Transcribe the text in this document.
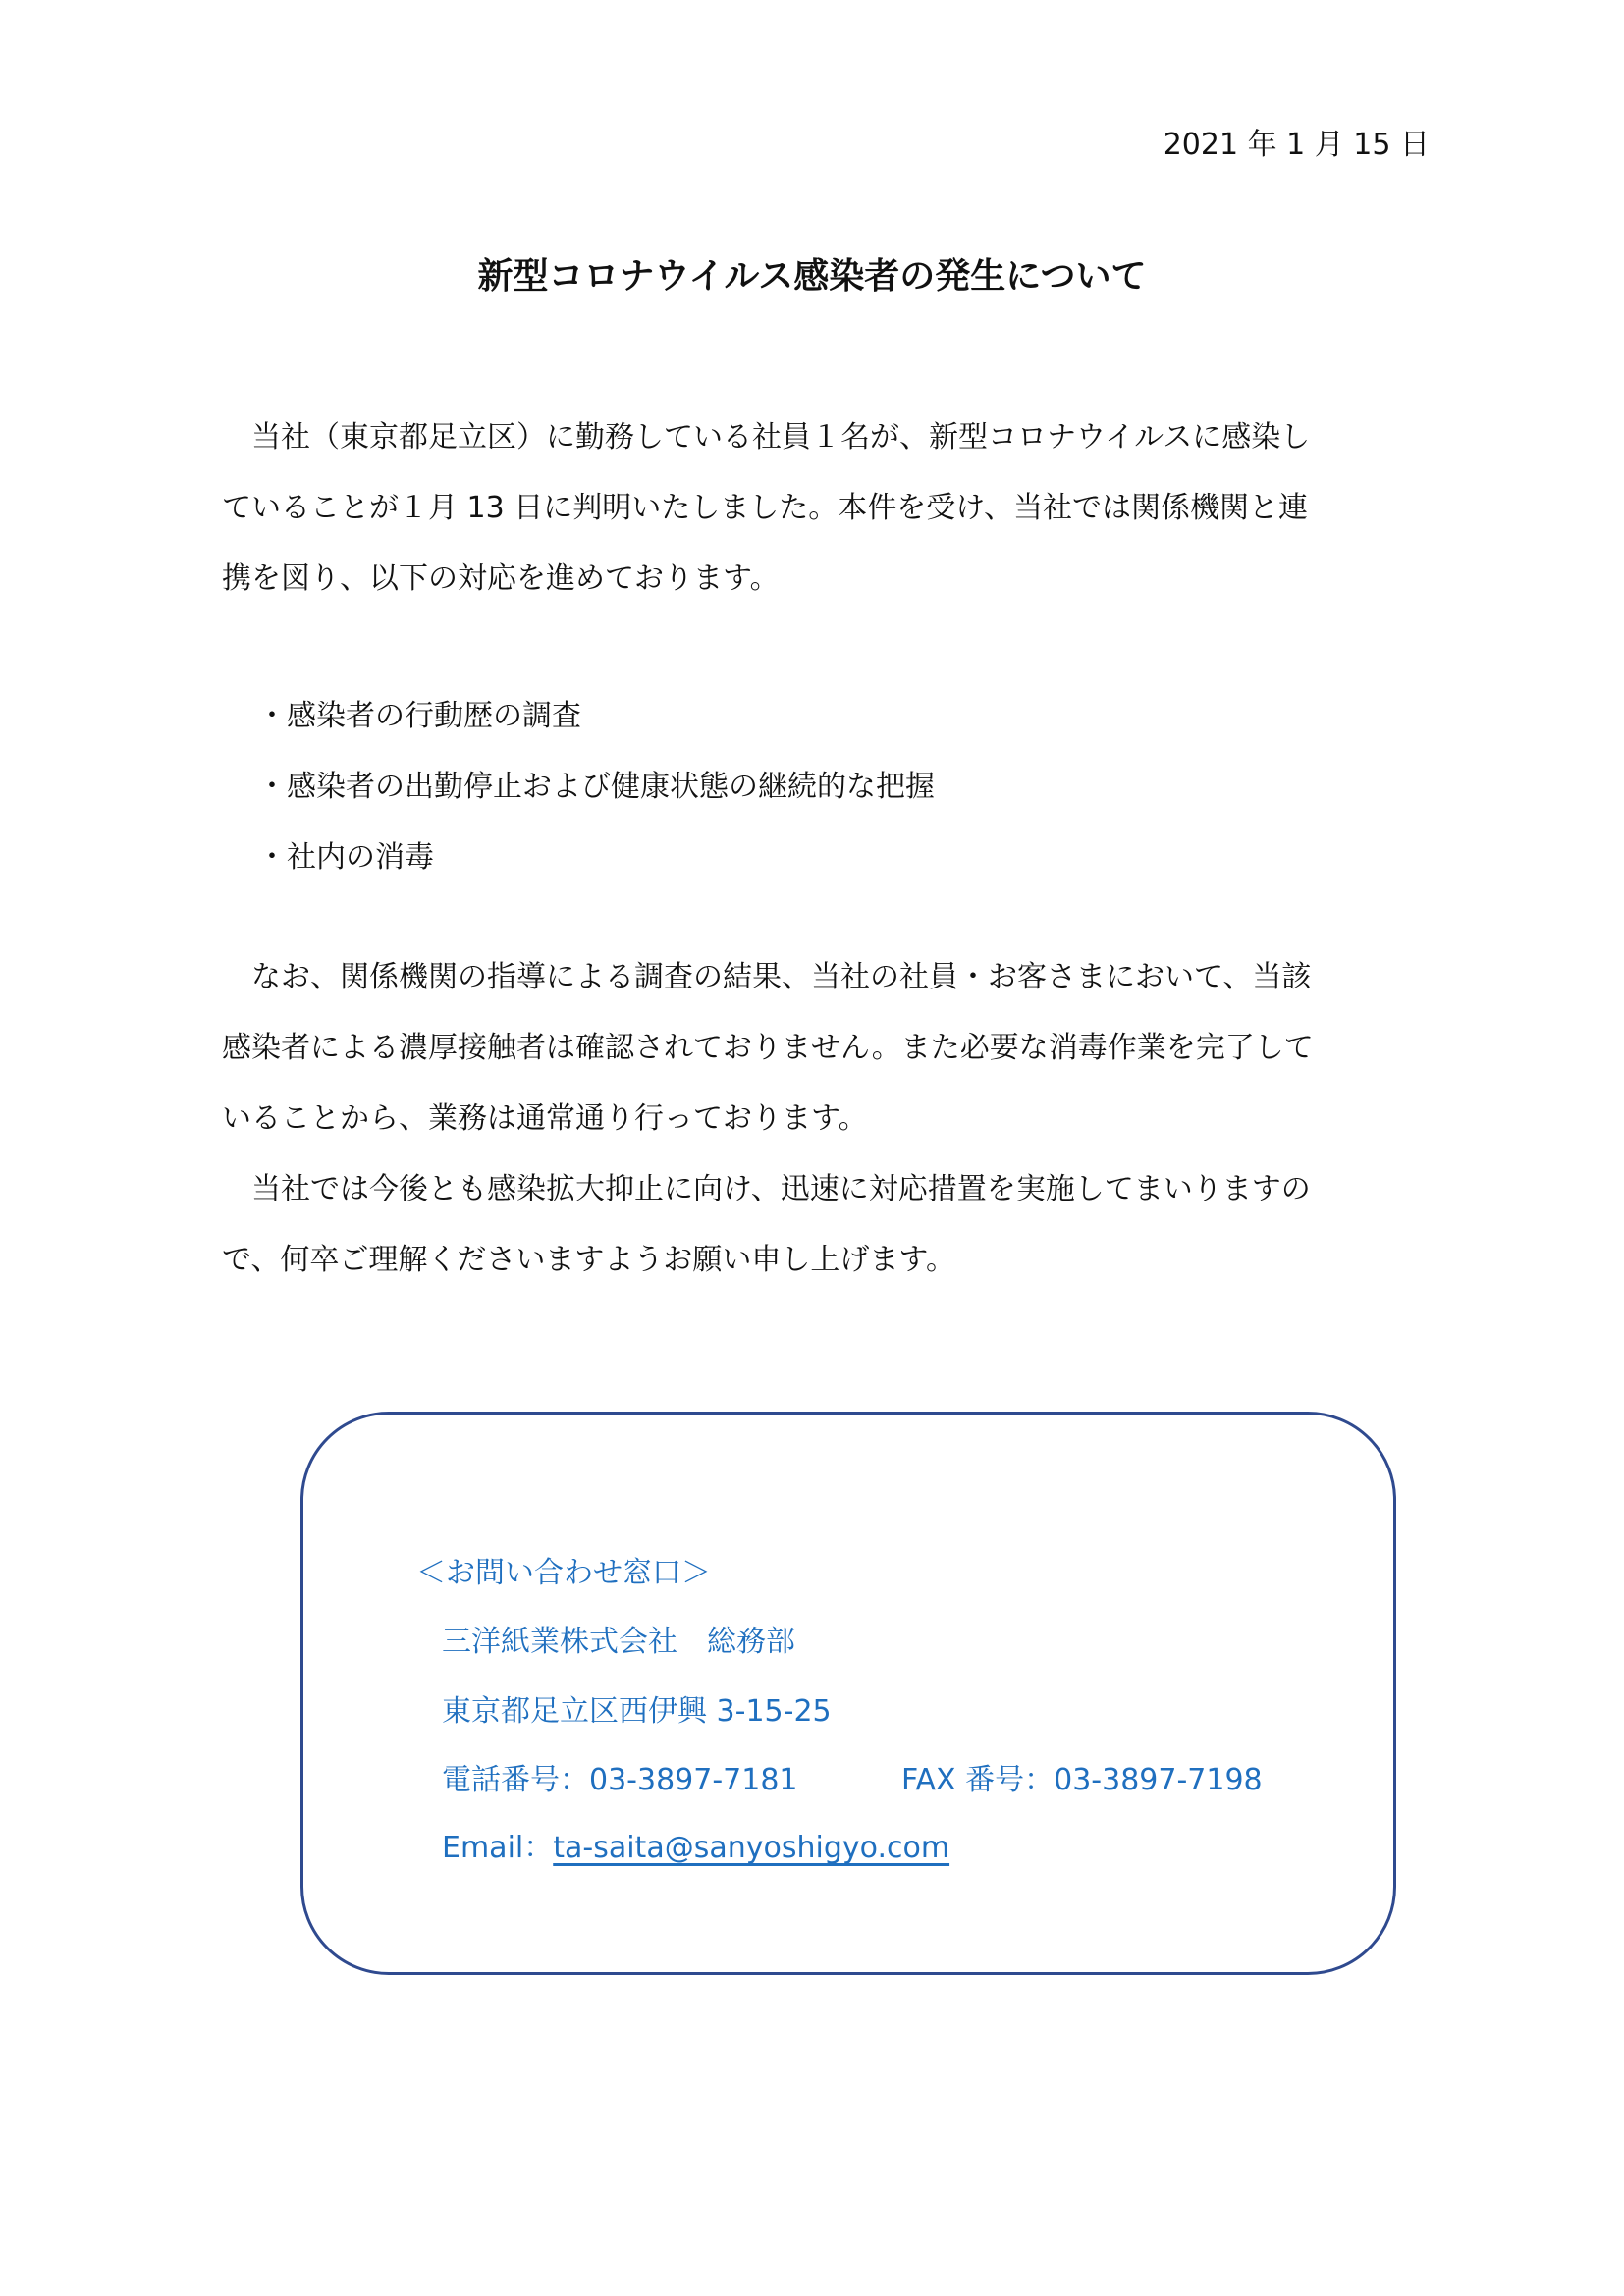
2021 年 1 月 15 日
新型コロナウイルス感染者の発生について
　当社（東京都足立区）に勤務している社員１名が、新型コロナウイルスに感染し
ていることが１月 13 日に判明いたしました。本件を受け、当社では関係機関と連
携を図り、以下の対応を進めております。
・感染者の行動歴の調査
・感染者の出勤停止および健康状態の継続的な把握
・社内の消毒
　なお、関係機関の指導による調査の結果、当社の社員・お客さまにおいて、当該
感染者による濃厚接触者は確認されておりません。また必要な消毒作業を完了して
いることから、業務は通常通り行っております。
　当社では今後とも感染拡大抑止に向け、迅速に対応措置を実施してまいりますの
で、何卒ご理解くださいますようお願い申し上げます。
＜お問い合わせ窓口＞
三洋紙業株式会社　総務部
東京都足立区西伊興 3-15-25
電話番号：03-3897-7181	FAX 番号：03-3897-7198
Email：ta-saita@sanyoshigyo.com
